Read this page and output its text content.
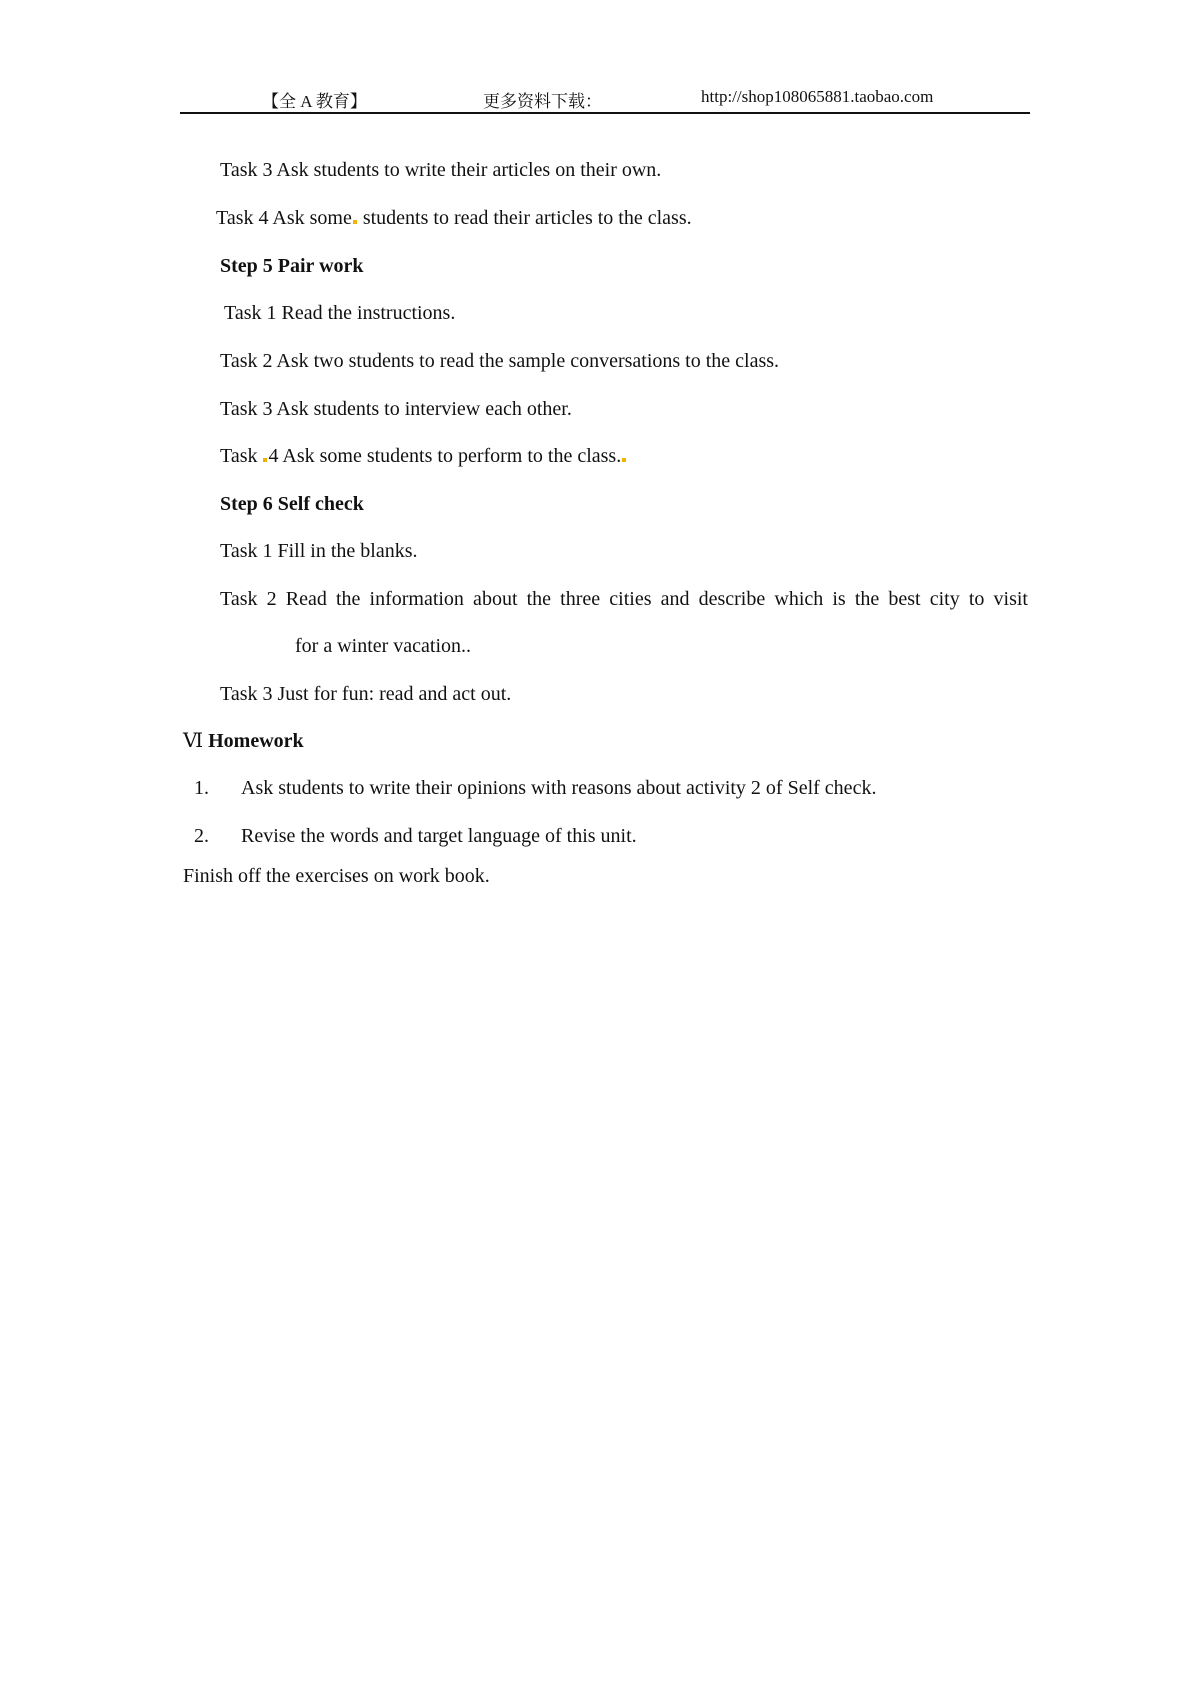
【全 A 教育】	更多资料下载：	http://shop108065881.taobao.com
Task 3 Ask students to write their articles on their own.
Task 4 Ask some students to read their articles to the class.
Step 5 Pair work
Task 1 Read the instructions.
Task 2 Ask two students to read the sample conversations to the class.
Task 3 Ask students to interview each other.
Task 4 Ask some students to perform to the class.
Step 6 Self check
Task 1 Fill in the blanks.
Task 2 Read the information about the three cities and describe which is the best city to visit
for a winter vacation..
Task 3 Just for fun: read and act out.
Ⅵ Homework
1. Ask students to write their opinions with reasons about activity 2 of Self check.
2. Revise the words and target language of this unit.
Finish off the exercises on work book.
